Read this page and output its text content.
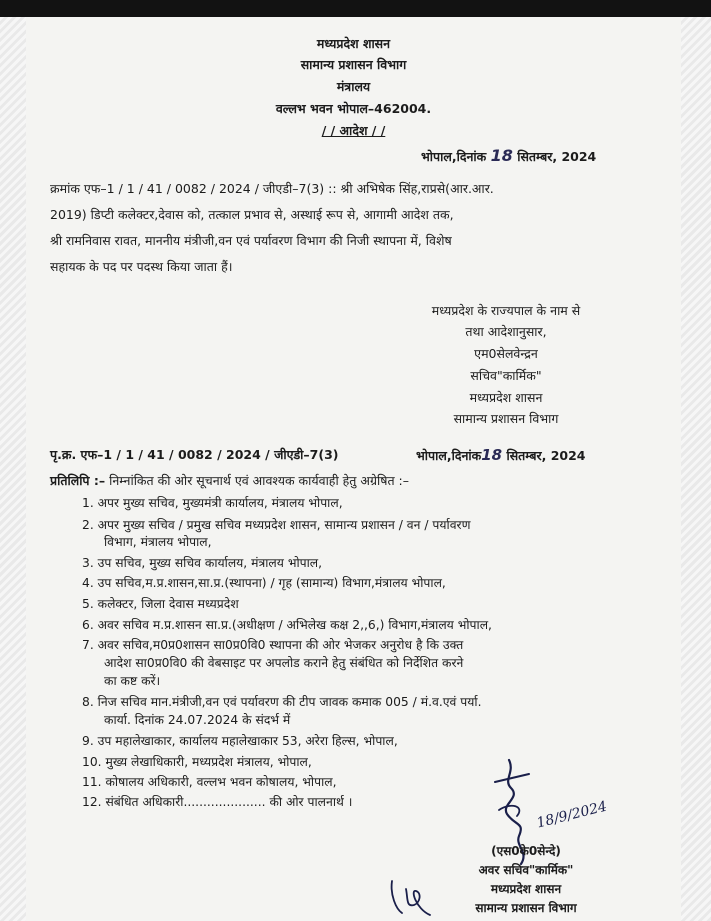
मध्यप्रदेश शासन
सामान्य प्रशासन विभाग
मंत्रालय
वल्लभ भवन भोपाल–462004.
/ / आदेश / /
भोपाल,दिनांक 18 सितम्बर, 2024
क्रमांक एफ–1 / 1 / 41 / 0082 / 2024 / जीएडी–7(3) :: श्री अभिषेक सिंह,राप्रसे(आर.आर.
2019) डिप्टी कलेक्टर,देवास को, तत्काल प्रभाव से, अस्थाई रूप से, आगामी आदेश तक,
श्री रामनिवास रावत, माननीय मंत्रीजी,वन एवं पर्यावरण विभाग की निजी स्थापना में, विशेष
सहायक के पद पर पदस्थ किया जाता हैं।
मध्यप्रदेश के राज्यपाल के नाम से
तथा आदेशानुसार,
एम0सेलवेन्द्रन
सचिव"कार्मिक"
मध्यप्रदेश शासन
सामान्य प्रशासन विभाग
पृ.क्र. एफ–1 / 1 / 41 / 0082 / 2024 / जीएडी–7(3)	भोपाल,दिनांक18 सितम्बर, 2024
प्रतिलिपि :– निम्नांकित की ओर सूचनार्थ एवं आवश्यक कार्यवाही हेतु अग्रेषित :–
1. अपर मुख्य सचिव, मुख्यमंत्री कार्यालय, मंत्रालय भोपाल,
2. अपर मुख्य सचिव / प्रमुख सचिव मध्यप्रदेश शासन, सामान्य प्रशासन / वन / पर्यावरण
विभाग, मंत्रालय भोपाल,
3. उप सचिव, मुख्य सचिव कार्यालय, मंत्रालय भोपाल,
4. उप सचिव,म.प्र.शासन,सा.प्र.(स्थापना) / गृह (सामान्य) विभाग,मंत्रालय भोपाल,
5. कलेक्टर, जिला देवास मध्यप्रदेश
6. अवर सचिव म.प्र.शासन सा.प्र.(अधीक्षण / अभिलेख कक्ष 2,,6,) विभाग,मंत्रालय भोपाल,
7. अवर सचिव,म0प्र0शासन सा0प्र0वि0 स्थापना की ओर भेजकर अनुरोध है कि उक्त
आदेश सा0प्र0वि0 की वेबसाइट पर अपलोड कराने हेतु संबंधित को निर्देशित करने
का कष्ट करें।
8. निज सचिव मान.मंत्रीजी,वन एवं पर्यावरण की टीप जावक कमाक 005 / मं.व.एवं पर्या.
कार्या. दिनांक 24.07.2024 के संदर्भ में
9. उप महालेखाकार, कार्यालय महालेखाकार 53, अरेरा हिल्स, भोपाल,
10. मुख्य लेखाधिकारी, मध्यप्रदेश मंत्रालय, भोपाल,
11. कोषालय अधिकारी, वल्लभ भवन कोषालय, भोपाल,
12. संबंधित अधिकारी..................... की ओर पालनार्थ ।	18/9/2024
(एस0के0सेन्दे)
अवर सचिव"कार्मिक"
मध्यप्रदेश शासन
सामान्य प्रशासन विभाग
